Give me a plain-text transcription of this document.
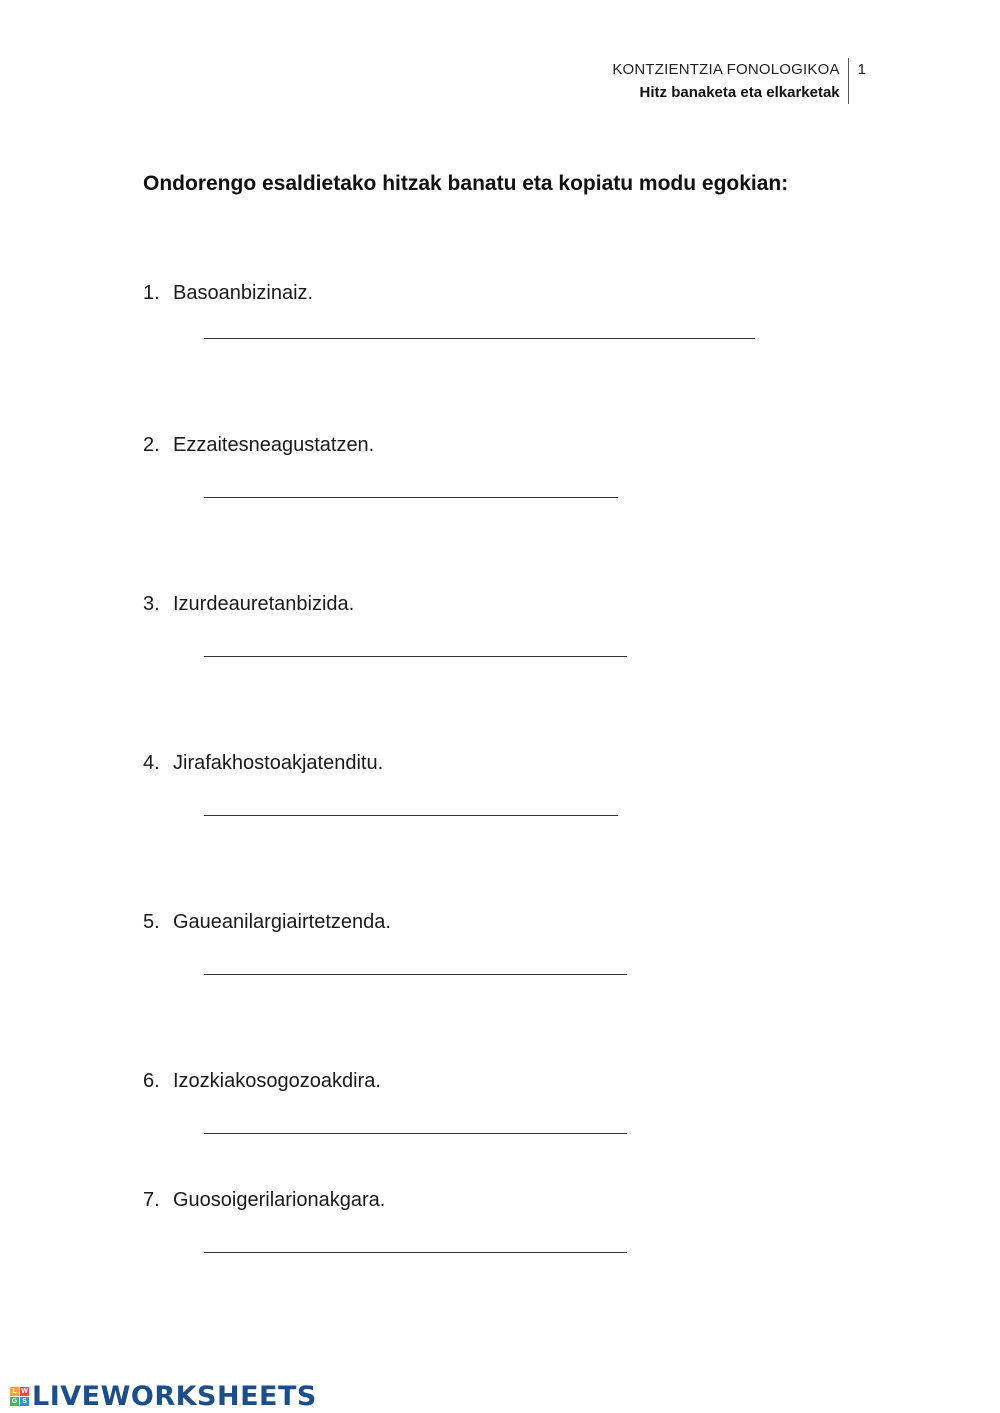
KONTZIENTZIA FONOLOGIKOA
Hitz banaketa eta elkarketak
1
Ondorengo esaldietako hitzak banatu eta kopiatu modu egokian:
1. Basoanbizinaiz.
2. Ezzaitesneagustatzen.
3. Izurdeauretanbizida.
4. Jirafakhostoakjatenditu.
5. Gaueanilargiairtetzenda.
6. Izozkiakosogozoakdira.
7. Guosoigerilarionakgara.
L W
G S LIVEWORKSHEETS
